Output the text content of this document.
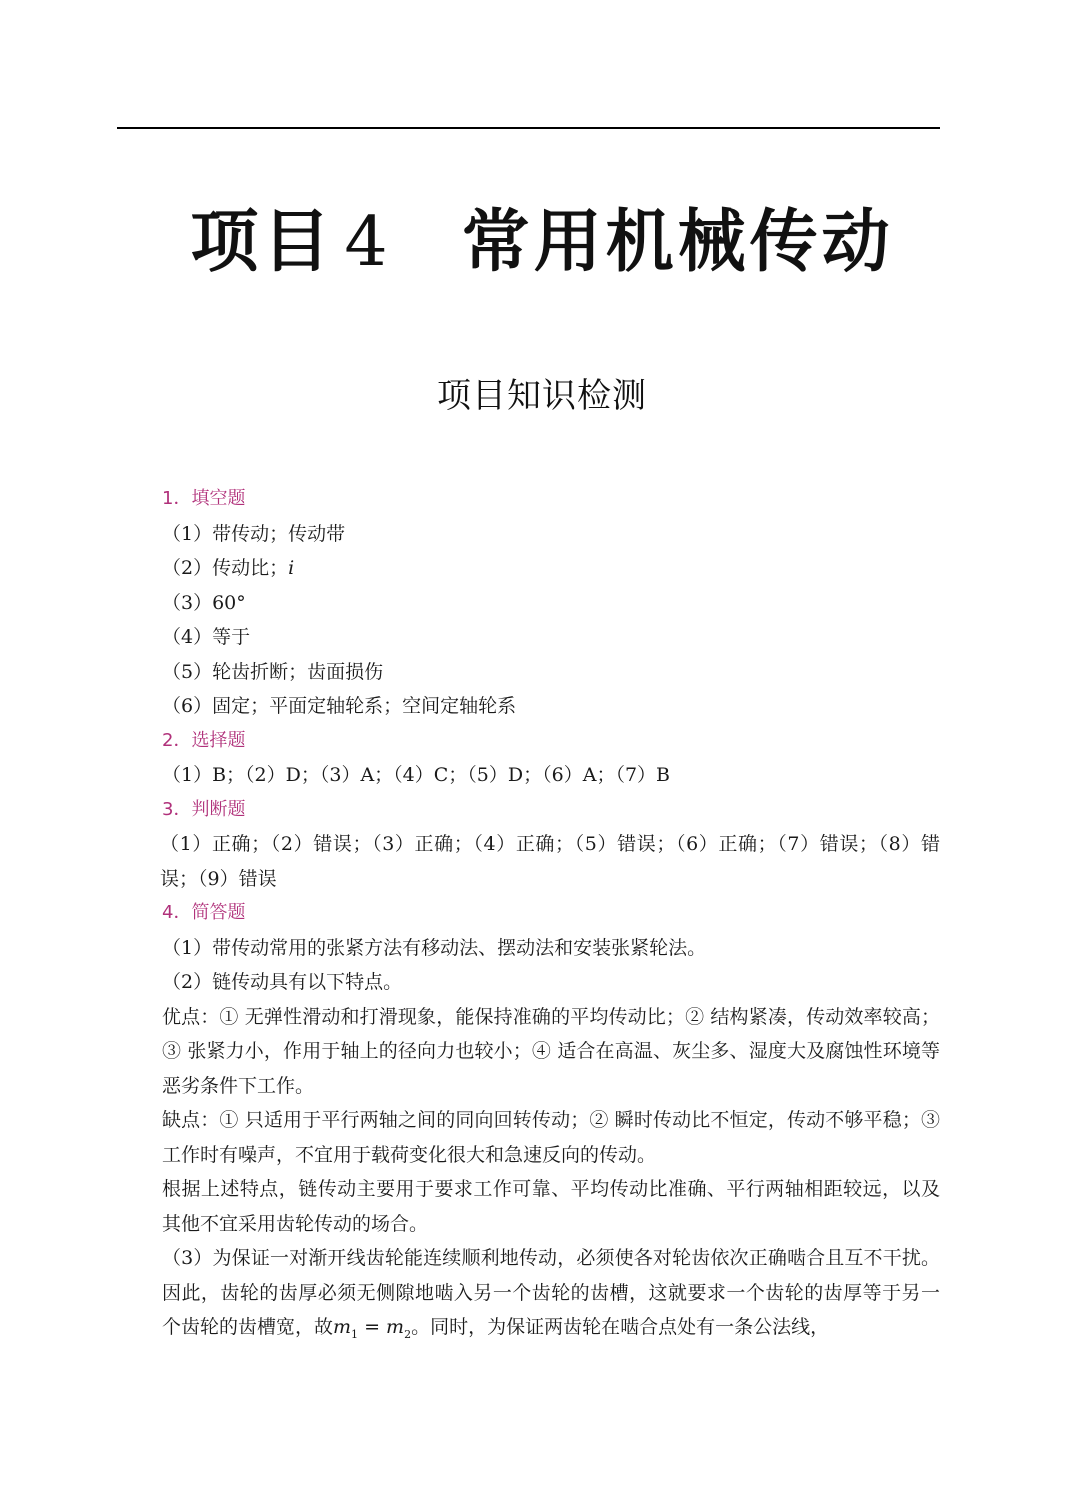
项目 4 常用机械传动
项目知识检测

1．填空题

（1）带传动；传动带

（2）传动比；i

（3）60°

（4）等于

（5）轮齿折断；齿面损伤

（6）固定；平面定轴轮系；空间定轴轮系

2．选择题

（1）B；（2）D；（3）A；（4）C；（5）D；（6）A；（7）B

3．判断题

（1）正确；（2）错误；（3）正确；（4）正确；（5）错误；（6）正确；（7）错误；（8）错误；（9）错误

4．简答题

（1）带传动常用的张紧方法有移动法、摆动法和安装张紧轮法。

（2）链传动具有以下特点。

优点：① 无弹性滑动和打滑现象，能保持准确的平均传动比；② 结构紧凑，传动效率较高；③ 张紧力小，作用于轴上的径向力也较小；④ 适合在高温、灰尘多、湿度大及腐蚀性环境等恶劣条件下工作。

缺点：① 只适用于平行两轴之间的同向回转传动；② 瞬时传动比不恒定，传动不够平稳；③ 工作时有噪声，不宜用于载荷变化很大和急速反向的传动。

根据上述特点，链传动主要用于要求工作可靠、平均传动比准确、平行两轴相距较远，以及其他不宜采用齿轮传动的场合。

（3）为保证一对渐开线齿轮能连续顺利地传动，必须使各对轮齿依次正确啮合且互不干扰。因此，齿轮的齿厚必须无侧隙地啮入另一个齿轮的齿槽，这就要求一个齿轮的齿厚等于另一个齿轮的齿槽宽，故$m_1 = m_2$。同时，为保证两齿轮在啮合点处有一条公法线，
